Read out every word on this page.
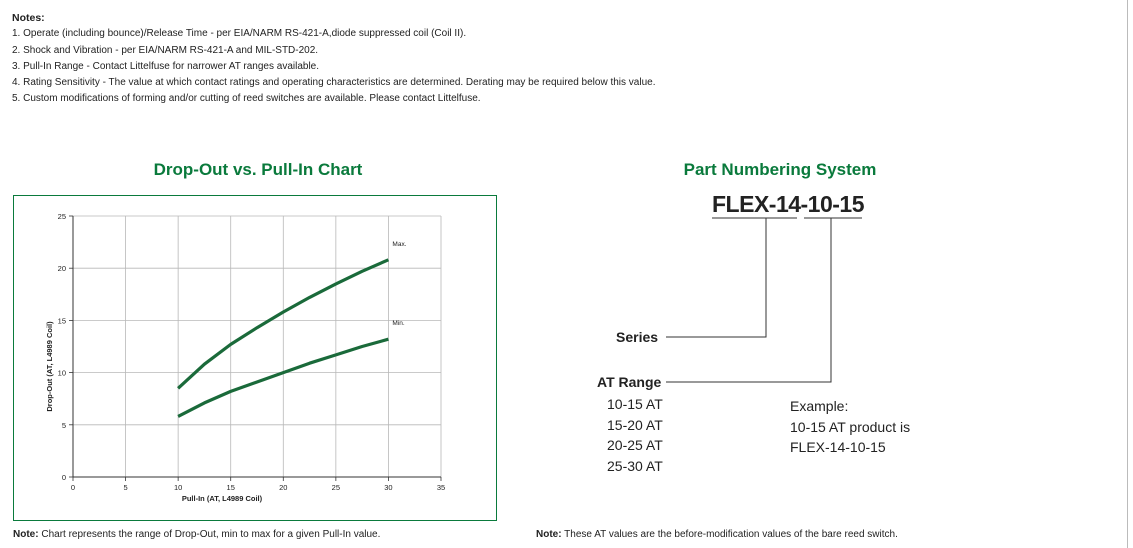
Notes:
1. Operate (including bounce)/Release Time - per EIA/NARM RS-421-A,diode suppressed coil (Coil II).
2. Shock and Vibration - per EIA/NARM RS-421-A and MIL-STD-202.
3. Pull-In Range - Contact Littelfuse for narrower AT ranges available.
4. Rating Sensitivity - The value at which contact ratings and operating characteristics are determined. Derating may be required below this value.
5. Custom modifications of forming and/or cutting of reed switches are available. Please contact Littelfuse.
Drop-Out vs. Pull-In Chart
0	5	10	15	20	25	30	35
0
5
10
15
20
25
Pull-In (AT, L4989 Coil)
Drop-Out (AT, L4989 Coil)
Max.
Min.
Part Numbering System
FLEX-14-10-15
Series
AT Range
10-15 AT
15-20 AT
20-25 AT
25-30 AT
Example:
10-15 AT product is
FLEX-14-10-15
Note: Chart represents the range of Drop-Out, min to max for a given Pull-In value.	Note: These AT values are the before-modification values of the bare reed switch.
